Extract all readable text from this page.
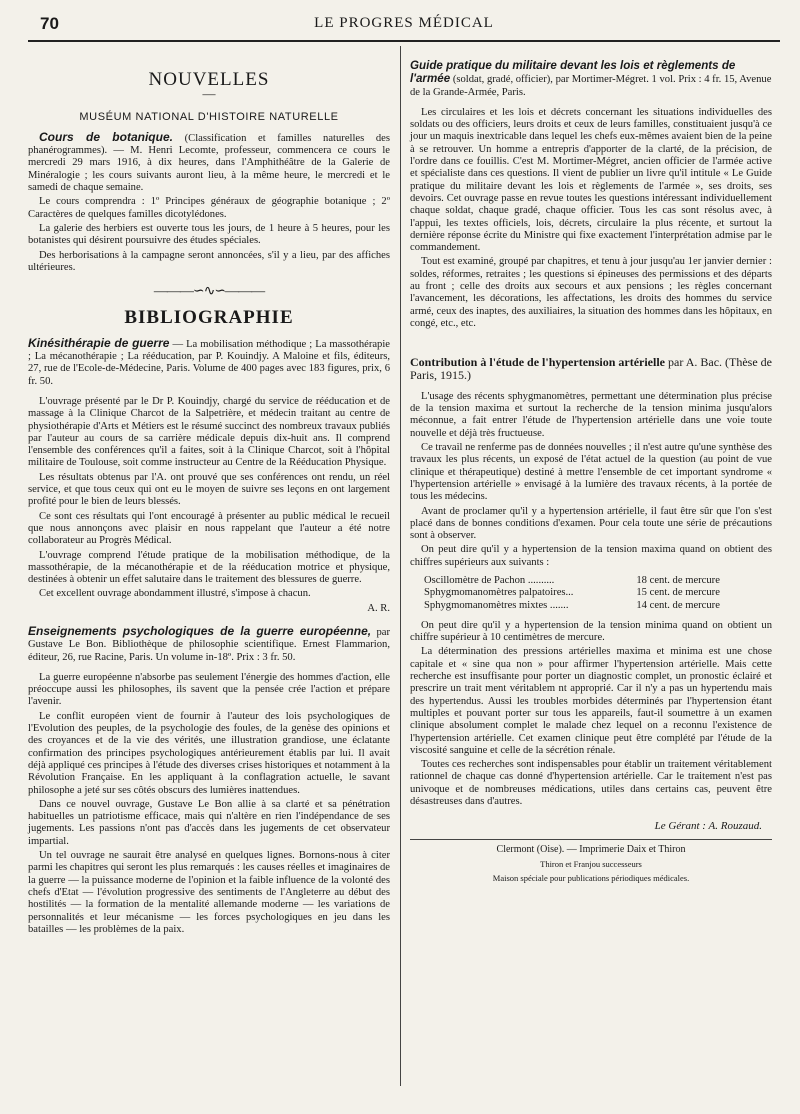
70	LE PROGRES MÉDICAL
NOUVELLES
—
MUSÉUM NATIONAL D'HISTOIRE NATURELLE

Cours de botanique. (Classification et familles naturelles des phanérogrammes). — M. Henri Lecomte, professeur, commencera ce cours le mercredi 29 mars 1916, à dix heures, dans l'Amphithéâtre de la Galerie de Minéralogie ; les cours suivants auront lieu, à la même heure, le mercredi et le samedi de chaque semaine.

Le cours comprendra : 1º Principes généraux de géographie botanique ; 2º Caractères de quelques familles dicotylédones.

La galerie des herbiers est ouverte tous les jours, de 1 heure à 5 heures, pour les botanistes qui désirent poursuivre des études spéciales.

Des herborisations à la campagne seront annoncées, s'il y a lieu, par des affiches ultérieures.

———∽∿∽———
BIBLIOGRAPHIE

Kinésithérapie de guerre — La mobilisation méthodique ; La massothérapie ; La mécanothérapie ; La rééducation, par P. Kouindjy. A Maloine et fils, éditeurs, 27, rue de l'Ecole-de-Médecine, Paris. Volume de 400 pages avec 183 figures, prix, 6 fr. 50.

L'ouvrage présenté par le Dr P. Kouindjy, chargé du service de rééducation et de massage à la Clinique Charcot de la Salpetrière, et médecin traitant au centre de physiothérapie d'Arts et Métiers est le résumé succinct des nombreux travaux publiés par l'auteur au cours de sa carrière médicale depuis dix-huit ans. Il comprend l'ensemble des conférences qu'il a faites, soit à la Clinique Charcot, soit à l'hôpital militaire de Toulouse, soit comme instructeur au Centre de la Rééducation Physique.

Les résultats obtenus par l'A. ont prouvé que ses conférences ont rendu, un réel service, et que tous ceux qui ont eu le moyen de suivre ses leçons en ont largement profité pour le bien de leurs blessés.

Ce sont ces résultats qui l'ont encouragé à présenter au public médical le recueil que nous annonçons avec plaisir en nous rappelant que l'auteur a été notre collaborateur au Progrès Médical.

L'ouvrage comprend l'étude pratique de la mobilisation méthodique, de la massothérapie, de la mécanothérapie et de la rééducation motrice et physique, destinées à obtenir un effet salutaire dans le traitement des blessures de guerre.

Cet excellent ouvrage abondamment illustré, s'impose à chacun.

A. R.

Enseignements psychologiques de la guerre européenne, par Gustave Le Bon. Bibliothèque de philosophie scientifique. Ernest Flammarion, éditeur, 26, rue Racine, Paris. Un volume in-18º. Prix : 3 fr. 50.

La guerre européenne n'absorbe pas seulement l'énergie des hommes d'action, elle préoccupe aussi les philosophes, ils savent que la pensée crée l'action et prépare l'avenir.

Le conflit européen vient de fournir à l'auteur des lois psychologiques de l'Evolution des peuples, de la psychologie des foules, de la genèse des opinions et des croyances et de la vie des vérités, une illustration grandiose, une éclatante confirmation des principes psychologiques antérieurement établis par lui. Il avait déjà appliqué ces principes à l'étude des diverses crises historiques et notamment à la Révolution Française. En les appliquant à la conflagration actuelle, le savant philosophe a jeté sur ses côtés obscurs des lumières inattendues.

Dans ce nouvel ouvrage, Gustave Le Bon allie à sa clarté et sa pénétration habituelles un patriotisme efficace, mais qui n'altère en rien l'indépendance de ses jugements. Les passions n'ont pas d'accès dans les jugements de cet observateur impartial.

Un tel ouvrage ne saurait être analysé en quelques lignes. Bornons-nous à citer parmi les chapitres qui seront les plus remarqués : les causes réelles et imaginaires de la guerre — la puissance moderne de l'opinion et la faible influence de la volonté des chefs d'Etat — l'évolution progressive des sentiments de l'Angleterre au début des hostilités — la formation de la mentalité allemande moderne — les variations de personnalités et leur mécanisme — les forces psychologiques en jeu dans les batailles — les problèmes de la paix.

Guide pratique du militaire devant les lois et règlements de l'armée (soldat, gradé, officier), par Mortimer-Mégret. 1 vol. Prix : 4 fr. 15, Avenue de la Grande-Armée, Paris.

Les circulaires et les lois et décrets concernant les situations individuelles des soldats ou des officiers, leurs droits et ceux de leurs familles, constituaient jusqu'à ce jour un maquis inextricable dans lequel les chefs eux-mêmes avaient bien de la peine à se retrouver. Un homme a entrepris d'apporter de la clarté, de la précision, de l'ordre dans ce fouillis. C'est M. Mortimer-Mégret, ancien officier de l'armée active et spécialiste dans ces questions. Il vient de publier un livre qu'il intitule « Le Guide pratique du militaire devant les lois et règlements de l'armée », ses droits, ses devoirs. Cet ouvrage passe en revue toutes les questions intéressant individuellement chaque soldat, chaque gradé, chaque officier. Tous les cas sont résolus avec, à l'appui, les textes officiels, lois, décrets, circulaire la plus récente, et surtout la dernière réponse écrite du Ministre qui fixe exactement l'interprétation admise par le commandement.

Tout est examiné, groupé par chapitres, et tenu à jour jusqu'au 1er janvier dernier : soldes, réformes, retraites ; les questions si épineuses des permissions et des départs au front ; celle des droits aux secours et aux pensions ; les règles concernant l'avancement, les décorations, les affectations, les droits des hommes du service armé, ceux des inaptes, des auxiliaires, la situation des hommes dans les hôpitaux, en congé, etc., etc.

Contribution à l'étude de l'hypertension artérielle par A. Bac. (Thèse de Paris, 1915.)

L'usage des récents sphygmanomètres, permettant une détermination plus précise de la tension maxima et surtout la recherche de la tension minima jusqu'alors méconnue, a fait entrer l'étude de l'hypertension artérielle dans une voie toute nouvelle et déjà très fructueuse.

Ce travail ne renferme pas de données nouvelles ; il n'est autre qu'une synthèse des travaux les plus récents, un exposé de l'état actuel de la question (au point de vue clinique et thérapeutique) destiné à mettre l'ensemble de cet important syndrome « l'hypertension artérielle » envisagé à la lumière des travaux récents, à la portée de tous les médecins.

Avant de proclamer qu'il y a hypertension artérielle, il faut être sûr que l'on s'est placé dans de bonnes conditions d'examen. Pour cela toute une série de précautions sont à observer.

On peut dire qu'il y a hypertension de la tension maxima quand on obtient des chiffres supérieurs aux suivants :

Oscillomètre de Pachon ..........	18 cent. de mercure
Sphygmomanomètres palpatoires...	15 cent. de mercure
Sphygmomanomètres mixtes .......	14 cent. de mercure

On peut dire qu'il y a hypertension de la tension minima quand on obtient un chiffre supérieur à 10 centimètres de mercure.

La détermination des pressions artérielles maxima et minima est une chose capitale et « sine qua non » pour affirmer l'hypertension artérielle. Mais cette recherche est insuffisante pour porter un diagnostic complet, un pronostic éclairé et prescrire un trait ment véritablem nt approprié. Car il n'y a pas un hypertendu mais des hypertendus. Aussi les troubles morbides déterminés par l'hypertension étant multiples et pouvant porter sur tous les appareils, faut-il soumettre à un examen clinique absolument complet le malade chez lequel on a reconnu l'existence de l'hypertension artérielle. Cet examen clinique peut être complété par l'étude de la viscosité sanguine et celle de la sécrétion rénale.

Toutes ces recherches sont indispensables pour établir un traitement véritablement rationnel de chaque cas donné d'hypertension artérielle. Car le traitement n'est pas univoque et de nombreuses médications, utiles dans certains cas, peuvent être désastreuses dans d'autres.

Le Gérant : A. Rouzaud.
Clermont (Oise). — Imprimerie Daix et Thiron
Thiron et Franjou successeurs
Maison spéciale pour publications périodiques médicales.
